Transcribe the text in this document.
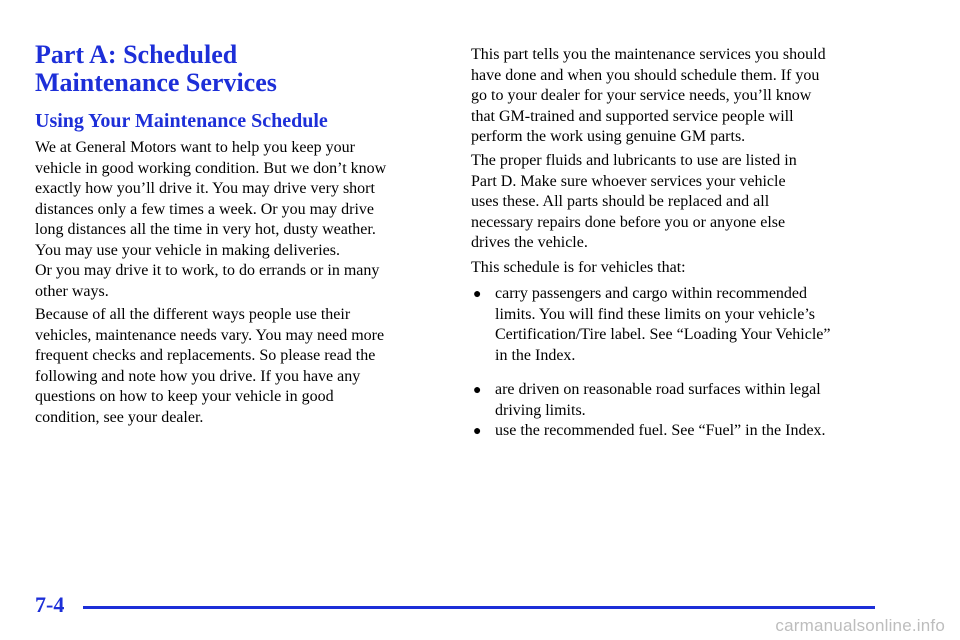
Part A: Scheduled
Maintenance Services
Using Your Maintenance Schedule

We at General Motors want to help you keep your
vehicle in good working condition. But we don’t know
exactly how you’ll drive it. You may drive very short
distances only a few times a week. Or you may drive
long distances all the time in very hot, dusty weather.
You may use your vehicle in making deliveries.
Or you may drive it to work, to do errands or in many
other ways.

Because of all the different ways people use their
vehicles, maintenance needs vary. You may need more
frequent checks and replacements. So please read the
following and note how you drive. If you have any
questions on how to keep your vehicle in good
condition, see your dealer.

This part tells you the maintenance services you should
have done and when you should schedule them. If you
go to your dealer for your service needs, you’ll know
that GM-trained and supported service people will
perform the work using genuine GM parts.

The proper fluids and lubricants to use are listed in
Part D. Make sure whoever services your vehicle
uses these. All parts should be replaced and all
necessary repairs done before you or anyone else
drives the vehicle.

This schedule is for vehicles that:

● carry passengers and cargo within recommended
limits. You will find these limits on your vehicle’s
Certification/Tire label. See “Loading Your Vehicle”
in the Index.

● are driven on reasonable road surfaces within legal
driving limits.

● use the recommended fuel. See “Fuel” in the Index.

7-4

carmanualsonline.info
